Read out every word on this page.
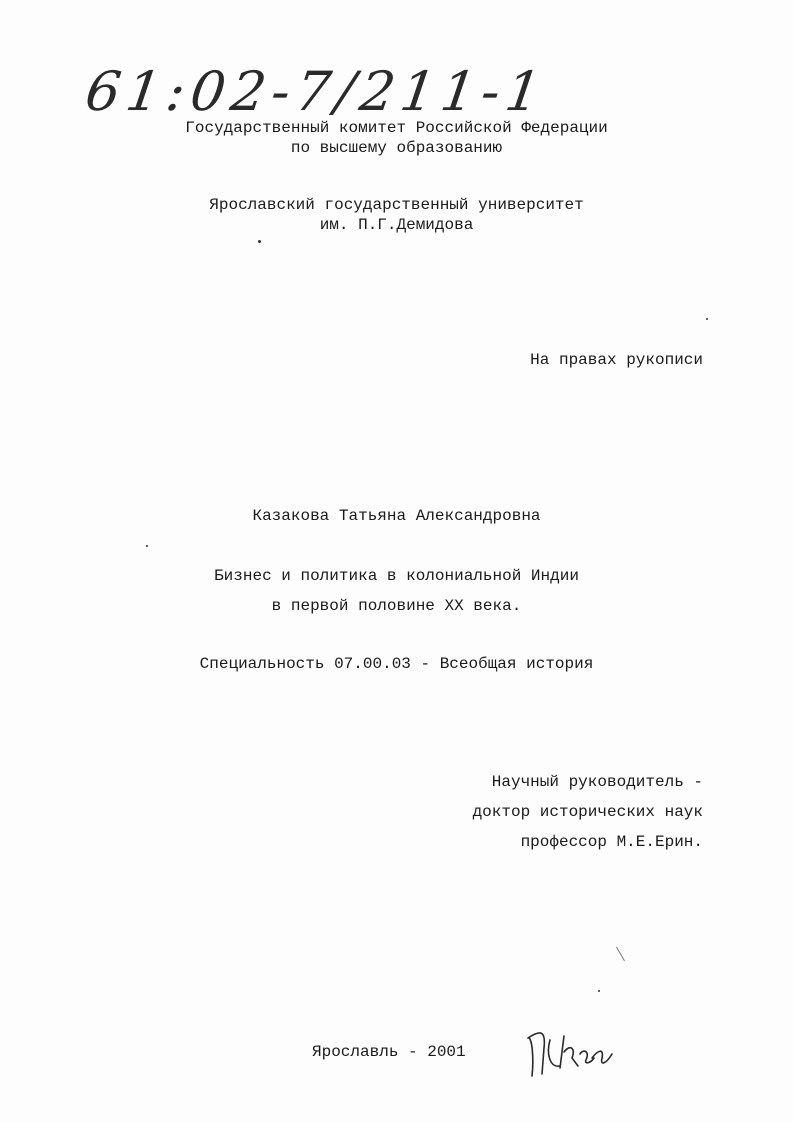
61:02-7/211-1
Государственный комитет Российской Федерации
по высшему образованию
Ярославский государственный университет
им. П.Г.Демидова
На правах рукописи
Казакова Татьяна Александровна
Бизнес и политика в колониальной Индии
в первой половине XX века.
Специальность 07.00.03 - Всеобщая история
Научный руководитель -
доктор исторических наук
профессор М.Е.Ерин.
Ярославль - 2001
